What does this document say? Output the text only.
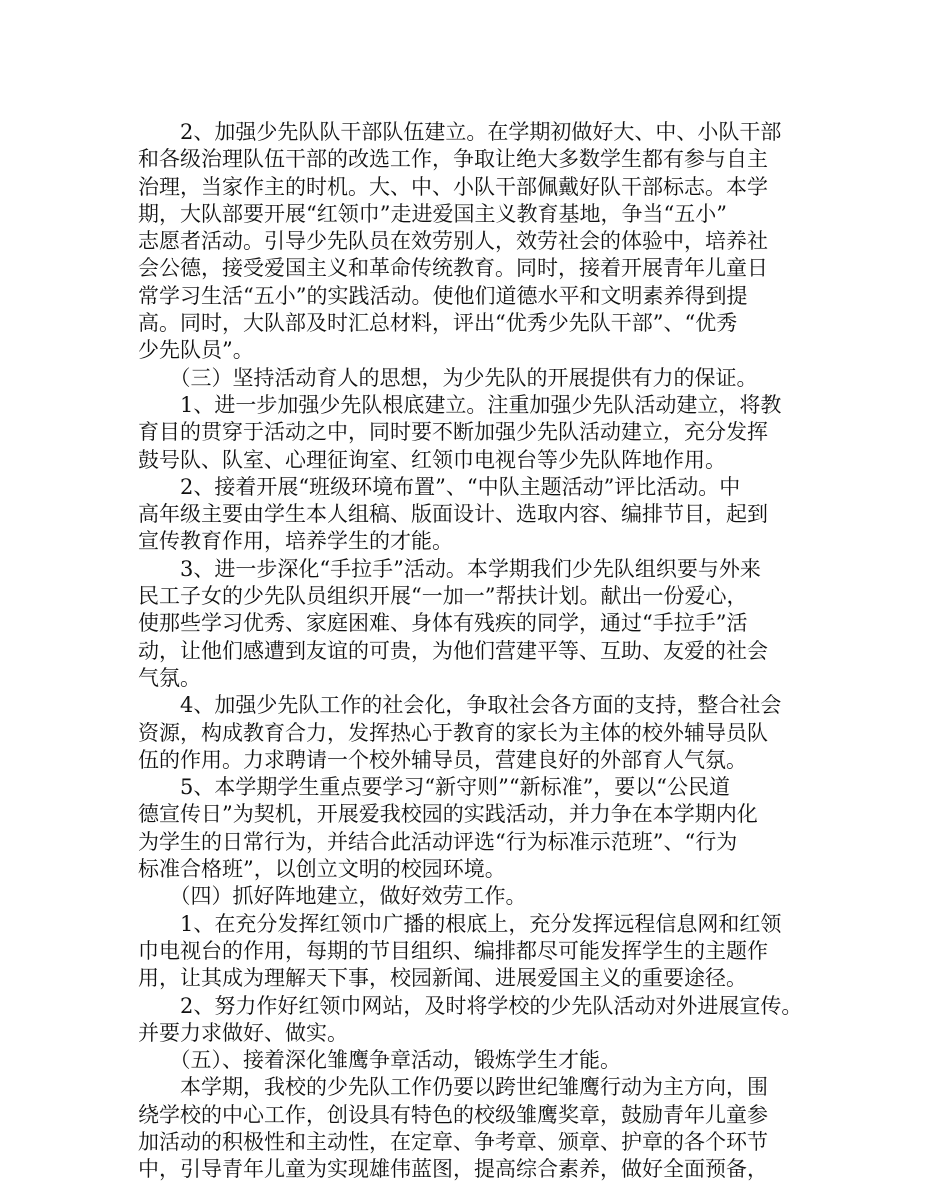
　　2、加强少先队队干部队伍建立。在学期初做好大、中、小队干部
和各级治理队伍干部的改选工作，争取让绝大多数学生都有参与自主
治理，当家作主的时机。大、中、小队干部佩戴好队干部标志。本学
期，大队部要开展“红领巾”走进爱国主义教育基地，争当“五小”
志愿者活动。引导少先队员在效劳别人，效劳社会的体验中，培养社
会公德，接受爱国主义和革命传统教育。同时，接着开展青年儿童日
常学习生活“五小”的实践活动。使他们道德水平和文明素养得到提
高。同时，大队部及时汇总材料，评出“优秀少先队干部”、“优秀
少先队员”。
　　（三）坚持活动育人的思想，为少先队的开展提供有力的保证。
　　1、进一步加强少先队根底建立。注重加强少先队活动建立，将教
育目的贯穿于活动之中，同时要不断加强少先队活动建立，充分发挥
鼓号队、队室、心理征询室、红领巾电视台等少先队阵地作用。
　　2、接着开展“班级环境布置”、“中队主题活动”评比活动。中
高年级主要由学生本人组稿、版面设计、选取内容、编排节目，起到
宣传教育作用，培养学生的才能。
　　3、进一步深化“手拉手”活动。本学期我们少先队组织要与外来
民工子女的少先队员组织开展“一加一”帮扶计划。献出一份爱心，
使那些学习优秀、家庭困难、身体有残疾的同学，通过“手拉手”活
动，让他们感遭到友谊的可贵，为他们营建平等、互助、友爱的社会
气氛。
　　4、加强少先队工作的社会化，争取社会各方面的支持，整合社会
资源，构成教育合力，发挥热心于教育的家长为主体的校外辅导员队
伍的作用。力求聘请一个校外辅导员，营建良好的外部育人气氛。
　　5、本学期学生重点要学习“新守则”“新标准”，要以“公民道
德宣传日”为契机，开展爱我校园的实践活动，并力争在本学期内化
为学生的日常行为，并结合此活动评选“行为标准示范班”、“行为
标准合格班”，以创立文明的校园环境。
　　（四）抓好阵地建立，做好效劳工作。
　　1、在充分发挥红领巾广播的根底上，充分发挥远程信息网和红领
巾电视台的作用，每期的节目组织、编排都尽可能发挥学生的主题作
用，让其成为理解天下事，校园新闻、进展爱国主义的重要途径。
　　2、努力作好红领巾网站，及时将学校的少先队活动对外进展宣传。
并要力求做好、做实。
　　（五）、接着深化雏鹰争章活动，锻炼学生才能。
　　本学期，我校的少先队工作仍要以跨世纪雏鹰行动为主方向，围
绕学校的中心工作，创设具有特色的校级雏鹰奖章，鼓励青年儿童参
加活动的积极性和主动性，在定章、争考章、颁章、护章的各个环节
中，引导青年儿童为实现雄伟蓝图，提高综合素养，做好全面预备，
